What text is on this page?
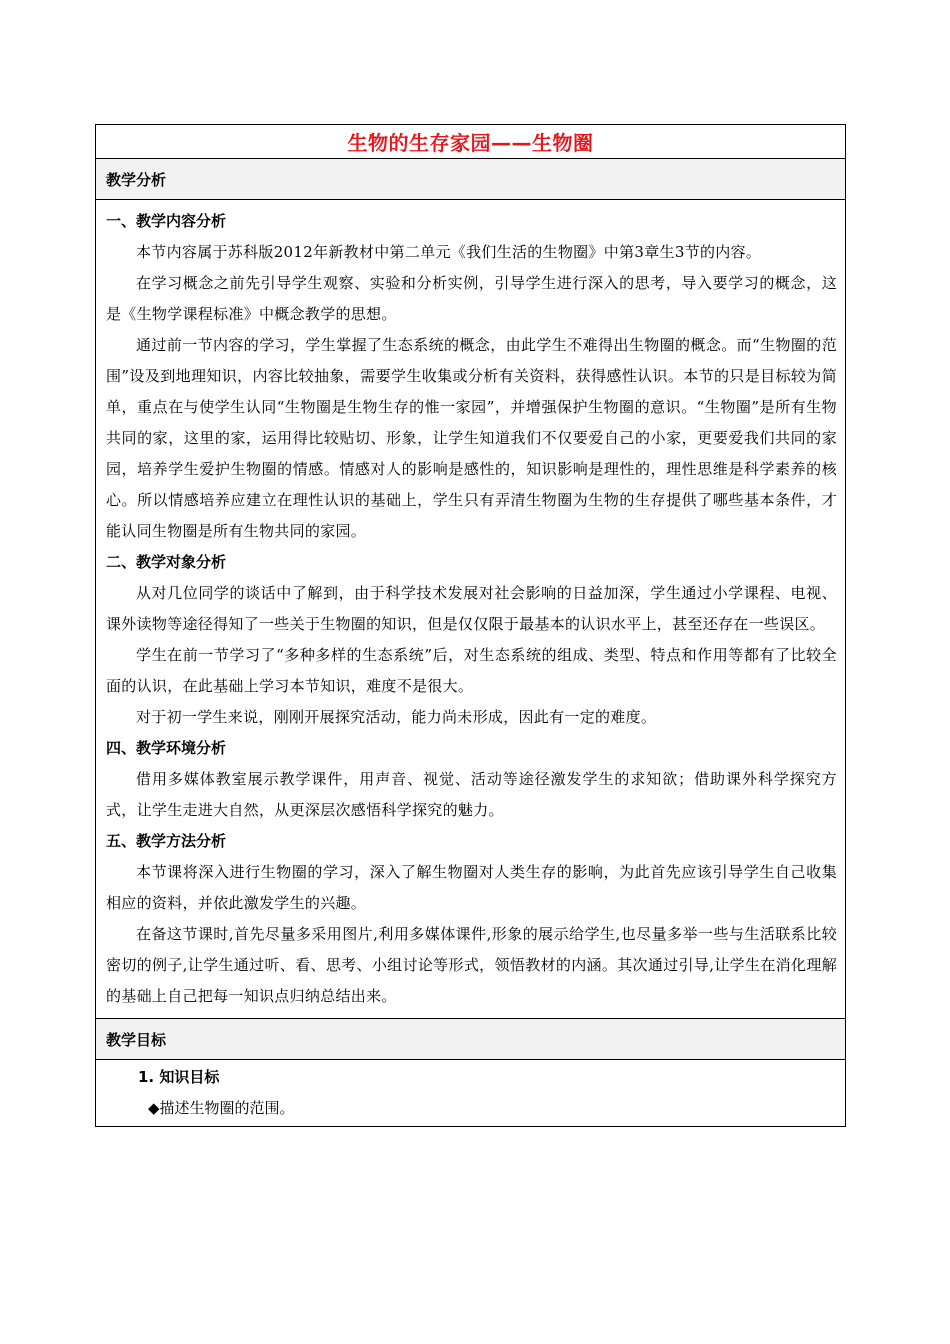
生物的生存家园——生物圈
教学分析

一、教学内容分析

本节内容属于苏科版2012年新教材中第二单元《我们生活的生物圈》中第3章生3节的内容。

在学习概念之前先引导学生观察、实验和分析实例，引导学生进行深入的思考，导入要学习的概念，这是《生物学课程标准》中概念教学的思想。

通过前一节内容的学习，学生掌握了生态系统的概念，由此学生不难得出生物圈的概念。而“生物圈的范围”设及到地理知识，内容比较抽象，需要学生收集或分析有关资料，获得感性认识。本节的只是目标较为简单，重点在与使学生认同“生物圈是生物生存的惟一家园”，并增强保护生物圈的意识。“生物圈”是所有生物共同的家，这里的家，运用得比较贴切、形象，让学生知道我们不仅要爱自己的小家，更要爱我们共同的家园，培养学生爱护生物圈的情感。情感对人的影响是感性的，知识影响是理性的，理性思维是科学素养的核心。所以情感培养应建立在理性认识的基础上，学生只有弄清生物圈为生物的生存提供了哪些基本条件，才能认同生物圈是所有生物共同的家园。

二、教学对象分析

从对几位同学的谈话中了解到，由于科学技术发展对社会影响的日益加深，学生通过小学课程、电视、课外读物等途径得知了一些关于生物圈的知识，但是仅仅限于最基本的认识水平上，甚至还存在一些误区。

学生在前一节学习了“多种多样的生态系统”后，对生态系统的组成、类型、特点和作用等都有了比较全面的认识，在此基础上学习本节知识，难度不是很大。

对于初一学生来说，刚刚开展探究活动，能力尚未形成，因此有一定的难度。

四、教学环境分析

借用多媒体教室展示教学课件，用声音、视觉、活动等途径激发学生的求知欲；借助课外科学探究方式，让学生走进大自然，从更深层次感悟科学探究的魅力。

五、教学方法分析

本节课将深入进行生物圈的学习，深入了解生物圈对人类生存的影响，为此首先应该引导学生自己收集相应的资料，并依此激发学生的兴趣。

在备这节课时,首先尽量多采用图片,利用多媒体课件,形象的展示给学生,也尽量多举一些与生活联系比较密切的例子,让学生通过听、看、思考、小组讨论等形式，领悟教材的内涵。其次通过引导,让学生在消化理解的基础上自己把每一知识点归纳总结出来。

教学目标

1. 知识目标

◆描述生物圈的范围。
